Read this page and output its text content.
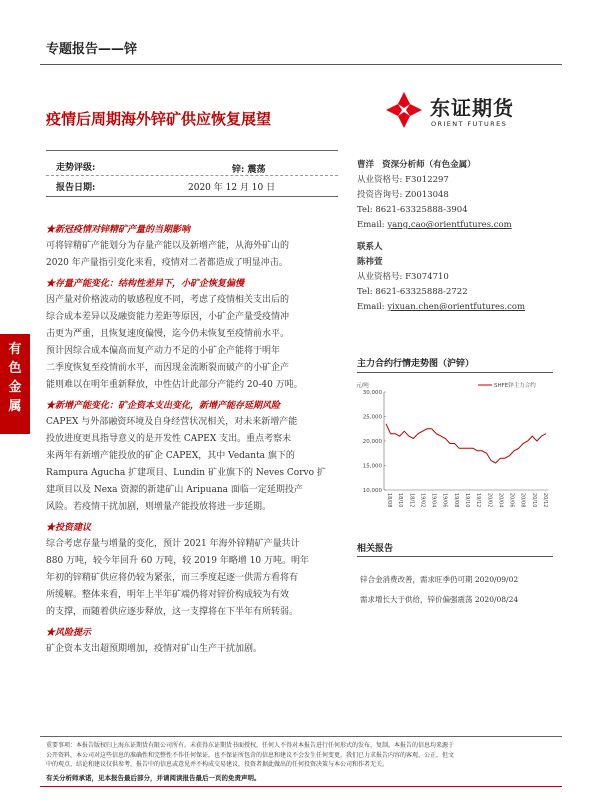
专题报告——锌
疫情后周期海外锌矿供应恢复展望	东证期货
ORIENT FUTURES
走势评级:	锌: 震荡
报告日期:	2020 年 12 月 10 日
曹洋 资深分析师（有色金属）
从业资格号: F3012297
投资咨询号: Z0013048
Tel: 8621-63325888-3904
Email: yang.cao@orientfutures.com
联系人
陈祎萱
从业资格号: F3074710
Tel: 8621-63325888-2722
Email: yixuan.chen@orientfutures.com
有
色
金
属
★新冠疫情对锌精矿产量的当期影响
可将锌精矿产能划分为存量产能以及新增产能，从海外矿山的
2020 年产量指引变化来看，疫情对二者都造成了明显冲击。
★存量产能变化：结构性差异下，小矿企恢复偏慢
因产量对价格波动的敏感程度不同，考虑了疫情相关支出后的
综合成本差异以及融资能力差距等原因，小矿企产量受疫情冲
击更为严重，且恢复速度偏慢，迄今仍未恢复至疫情前水平。
预计因综合成本偏高而复产动力不足的小矿企产能将于明年
二季度恢复至疫情前水平，而因现金流断裂而破产的小矿企产
能则难以在明年重新释放，中性估计此部分产能约 20-40 万吨。
★新增产能变化：矿企资本支出变化，新增产能存延期风险
CAPEX 与外部融资环境及自身经营状况相关，对未来新增产能
投放进度更具指导意义的是开发性 CAPEX 支出。重点考察未
来两年有新增产能投放的矿企 CAPEX，其中 Vedanta 旗下的
Rampura Agucha 扩建项目、Lundin 矿业旗下的 Neves Corvo 扩
建项目以及 Nexa 资源的新建矿山 Aripuana 面临一定延期投产
风险。若疫情干扰加剧，则增量产能投放将进一步延期。
★投资建议
综合考虑存量与增量的变化，预计 2021 年海外锌精矿产量共计
880 万吨，较今年回升 60 万吨，较 2019 年略增 10 万吨。明年
年初的锌精矿供应将仍较为紧张，而三季度起逐一供需方看将有
所缓解。整体来看，明年上半年矿端仍将对锌价构成较为有效
的支撑，而随着供应逐步释放，这一支撑将在下半年有所转弱。
★风险提示
矿企资本支出超预期增加，疫情对矿山生产干扰加剧。
主力合约行情走势图（沪锌）
元/吨
10,000
15,000
20,000
25,000
30,000
18/08 18/10 18/12 19/02 19/04 19/06 19/08 19/10 19/12 20/02 20/04 20/06 20/08 20/10 20/12
SHFE锌主力合约
相关报告
锌合金消费改善，需求旺季仍可期 2020/09/02
需求增长大于供给，锌价偏强震荡 2020/08/24
重要事项：本报告版权归上海东证期货有限公司所有。未获得东证期货书面授权，任何人不得对本报告进行任何形式的发布、复制。本报告的信息均来源于
公开资料，本公司对这些信息的准确性和完整性不作任何保证，也不保证所包含的信息和建议不会发生任何变更。我们已力求报告内容的客观、公正，但文
中的观点、结论和建议仅供参考，报告中的信息或意见并不构成交易建议，投资者据此做出的任何投资决策与本公司和作者无关。
有关分析师承诺，见本报告最后部分，并请阅读报告最后一页的免责声明。
